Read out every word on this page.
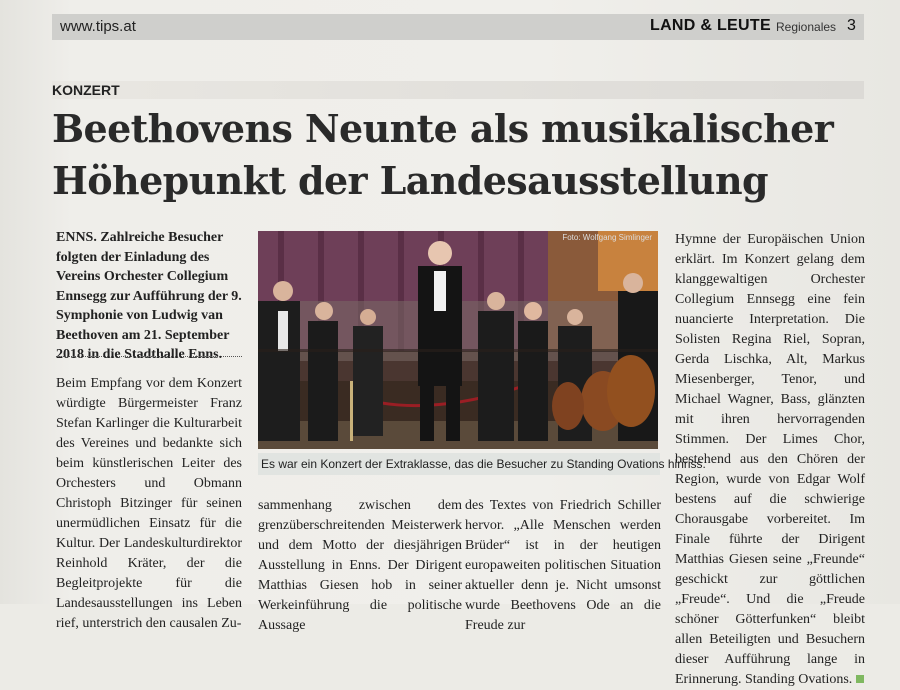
www.tips.at	LAND & LEUTE Regionales 3
KONZERT
Beethovens Neunte als musikalischer
Höhepunkt der Landesausstellung
ENNS. Zahlreiche Besucher folgten der Einladung des Vereins Orchester Collegium Ennsegg zur Aufführung der 9. Symphonie von Ludwig van Beethoven am 21. September 2018 in die Stadthalle Enns.
Beim Empfang vor dem Konzert würdigte Bürgermeister Franz Stefan Karlinger die Kulturarbeit des Vereines und bedankte sich beim künstlerischen Leiter des Orchesters und Obmann Christoph Bitzinger für seinen unermüdlichen Einsatz für die Kultur. Der Landeskulturdirektor Reinhold Kräter, der die Begleitprojekte für die Landesausstellungen ins Leben rief, unterstrich den causalen Zu-
Foto: Wolfgang Simlinger
Es war ein Konzert der Extraklasse, das die Besucher zu Standing Ovations hinriss.
sammenhang zwischen dem grenzüberschreitenden Meisterwerk und dem Motto der diesjährigen Ausstellung in Enns. Der Dirigent Matthias Giesen hob in seiner Werkeinführung die politische Aussage
des Textes von Friedrich Schiller hervor. „Alle Menschen werden Brüder“ ist in der heutigen europaweiten politischen Situation aktueller denn je. Nicht umsonst wurde Beethovens Ode an die Freude zur
Hymne der Europäischen Union erklärt. Im Konzert gelang dem klanggewaltigen Orchester Collegium Ennsegg eine fein nuancierte Interpretation. Die Solisten Regina Riel, Sopran, Gerda Lischka, Alt, Markus Miesenberger, Tenor, und Michael Wagner, Bass, glänzten mit ihren hervorragenden Stimmen. Der Limes Chor, bestehend aus den Chören der Region, wurde von Edgar Wolf bestens auf die schwierige Chorausgabe vorbereitet. Im Finale führte der Dirigent Matthias Giesen seine „Freunde“ geschickt zur göttlichen „Freude“. Und die „Freude schöner Götterfunken“ bleibt allen Beteiligten und Besuchern dieser Aufführung lange in Erinnerung. Standing Ovations.
